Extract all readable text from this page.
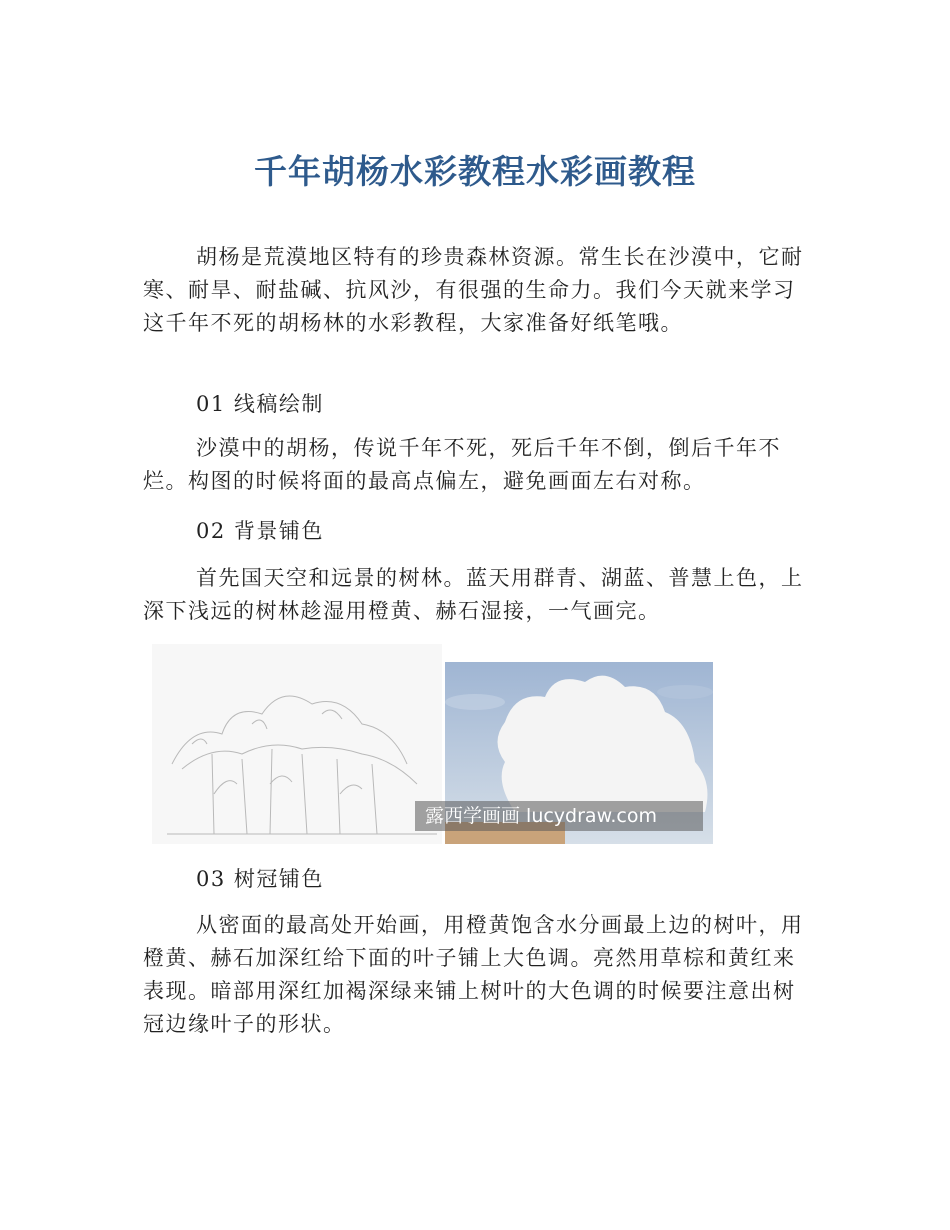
千年胡杨水彩教程水彩画教程

胡杨是荒漠地区特有的珍贵森林资源。常生长在沙漠中，它耐寒、耐旱、耐盐碱、抗风沙，有很强的生命力。我们今天就来学习这千年不死的胡杨林的水彩教程，大家准备好纸笔哦。

01 线稿绘制

沙漠中的胡杨，传说千年不死，死后千年不倒，倒后千年不烂。构图的时候将面的最高点偏左，避免画面左右对称。

02 背景铺色

首先国天空和远景的树林。蓝天用群青、湖蓝、普慧上色，上深下浅远的树林趁湿用橙黄、赫石湿接，一气画完。

露西学画画 lucydraw.com

03 树冠铺色

从密面的最高处开始画，用橙黄饱含水分画最上边的树叶，用橙黄、赫石加深红给下面的叶子铺上大色调。亮然用草棕和黄红来表现。暗部用深红加褐深绿来铺上树叶的大色调的时候要注意出树冠边缘叶子的形状。
